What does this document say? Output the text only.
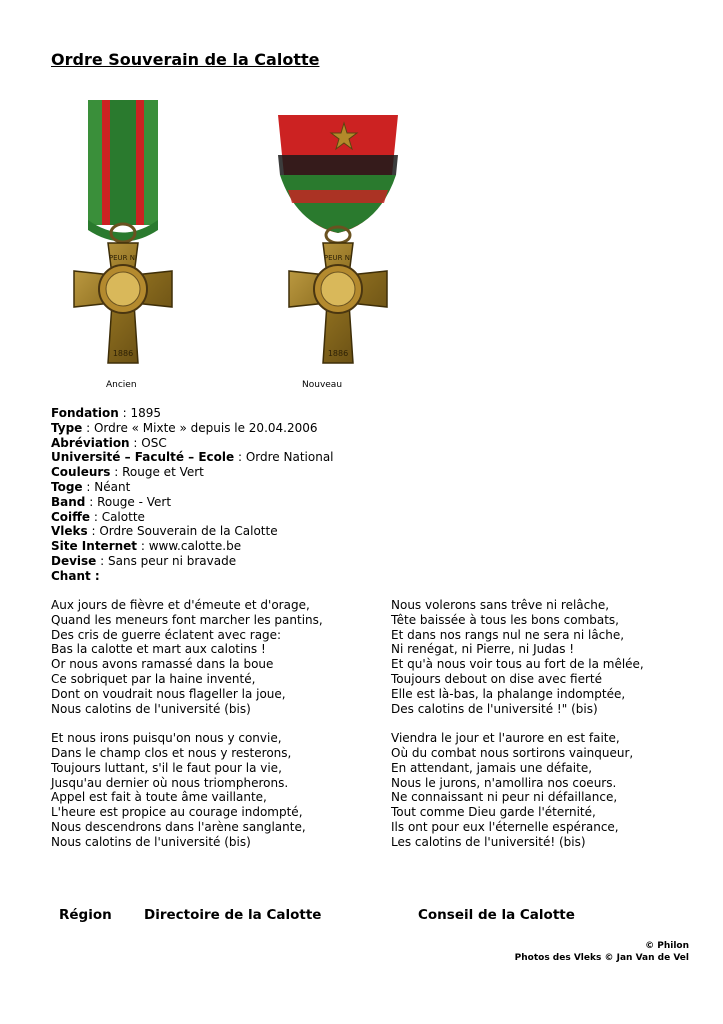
Ordre Souverain de la Calotte
PEUR NI
1886
Ancien
PEUR NI
1886
Nouveau
Fondation : 1895
Type : Ordre « Mixte » depuis le 20.04.2006
Abréviation : OSC
Université – Faculté – Ecole : Ordre National
Couleurs : Rouge et Vert
Toge : Néant
Band : Rouge - Vert
Coiffe : Calotte
Vleks : Ordre Souverain de la Calotte
Site Internet : www.calotte.be
Devise : Sans peur ni bravade
Chant :
Aux jours de fièvre et d'émeute et d'orage,
Quand les meneurs font marcher les pantins,
Des cris de guerre éclatent avec rage:
Bas la calotte et mart aux calotins !
Or nous avons ramassé dans la boue
Ce sobriquet par la haine inventé,
Dont on voudrait nous flageller la joue,
Nous calotins de l'université (bis)
Et nous irons puisqu'on nous y convie,
Dans le champ clos et nous y resterons,
Toujours luttant, s'il le faut pour la vie,
Jusqu'au dernier où nous triompherons.
Appel est fait à toute âme vaillante,
L'heure est propice au courage indompté,
Nous descendrons dans l'arène sanglante,
Nous calotins de l'université (bis)
Nous volerons sans trêve ni relâche,
Tête baissée à tous les bons combats,
Et dans nos rangs nul ne sera ni lâche,
Ni renégat, ni Pierre, ni Judas !
Et qu'à nous voir tous au fort de la mêlée,
Toujours debout on dise avec fierté
Elle est là-bas, la phalange indomptée,
Des calotins de l'université !" (bis)
Viendra le jour et l'aurore en est faite,
Où du combat nous sortirons vainqueur,
En attendant, jamais une défaite,
Nous le jurons, n'amollira nos coeurs.
Ne connaissant ni peur ni défaillance,
Tout comme Dieu garde l'éternité,
Ils ont pour eux l'éternelle espérance,
Les calotins de l'université! (bis)
Région Directoire de la Calotte	Conseil de la Calotte
© Philon
Photos des Vleks © Jan Van de Vel
